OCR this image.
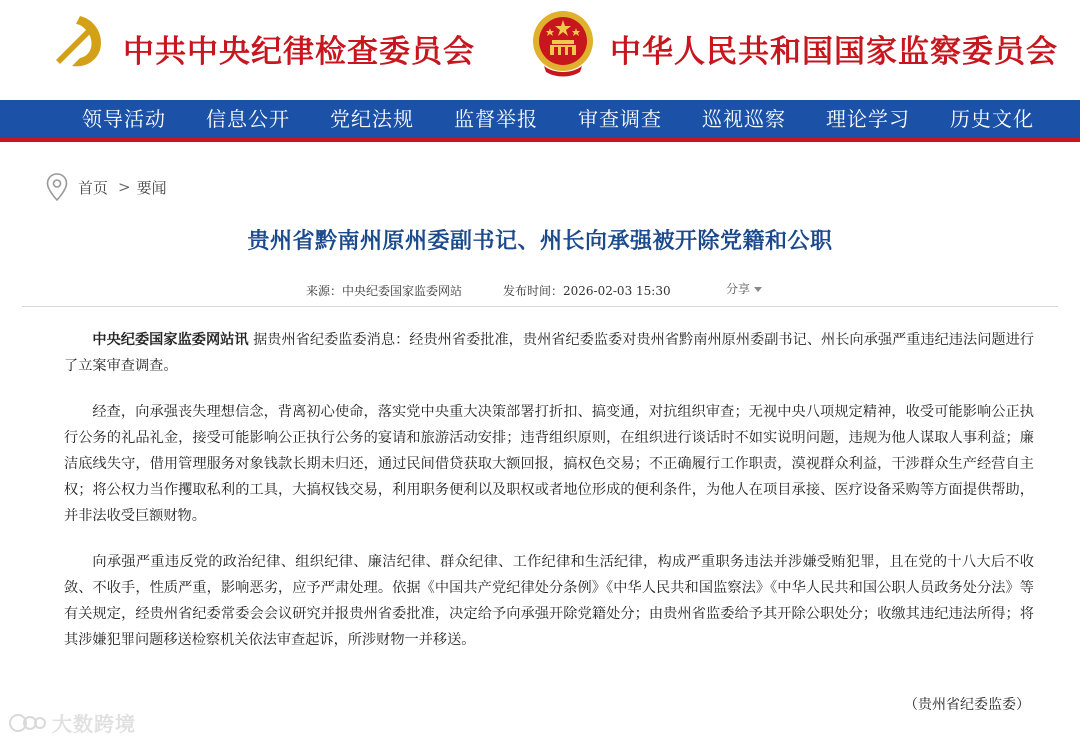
中共中央纪律检查委员会	中华人民共和国国家监察委员会
领导活动	信息公开	党纪法规	监督举报	审查调查	巡视巡察	理论学习	历史文化
首页 > 要闻
贵州省黔南州原州委副书记、州长向承强被开除党籍和公职
来源：中央纪委国家监委网站	发布时间：2026-02-03 15:30	分享

中央纪委国家监委网站讯 据贵州省纪委监委消息：经贵州省委批准，贵州省纪委监委对贵州省黔南州原州委副书记、州长向承强严重违纪违法问题进行了立案审查调查。

经查，向承强丧失理想信念，背离初心使命，落实党中央重大决策部署打折扣、搞变通，对抗组织审查；无视中央八项规定精神，收受可能影响公正执行公务的礼品礼金，接受可能影响公正执行公务的宴请和旅游活动安排；违背组织原则，在组织进行谈话时不如实说明问题，违规为他人谋取人事利益；廉洁底线失守，借用管理服务对象钱款长期未归还，通过民间借贷获取大额回报，搞权色交易；不正确履行工作职责，漠视群众利益，干涉群众生产经营自主权；将公权力当作攫取私利的工具，大搞权钱交易，利用职务便利以及职权或者地位形成的便利条件，为他人在项目承接、医疗设备采购等方面提供帮助，并非法收受巨额财物。

向承强严重违反党的政治纪律、组织纪律、廉洁纪律、群众纪律、工作纪律和生活纪律，构成严重职务违法并涉嫌受贿犯罪，且在党的十八大后不收敛、不收手，性质严重，影响恶劣，应予严肃处理。依据《中国共产党纪律处分条例》《中华人民共和国监察法》《中华人民共和国公职人员政务处分法》等有关规定，经贵州省纪委常委会会议研究并报贵州省委批准，决定给予向承强开除党籍处分；由贵州省监委给予其开除公职处分；收缴其违纪违法所得；将其涉嫌犯罪问题移送检察机关依法审查起诉，所涉财物一并移送。

（贵州省纪委监委）
大数跨境
